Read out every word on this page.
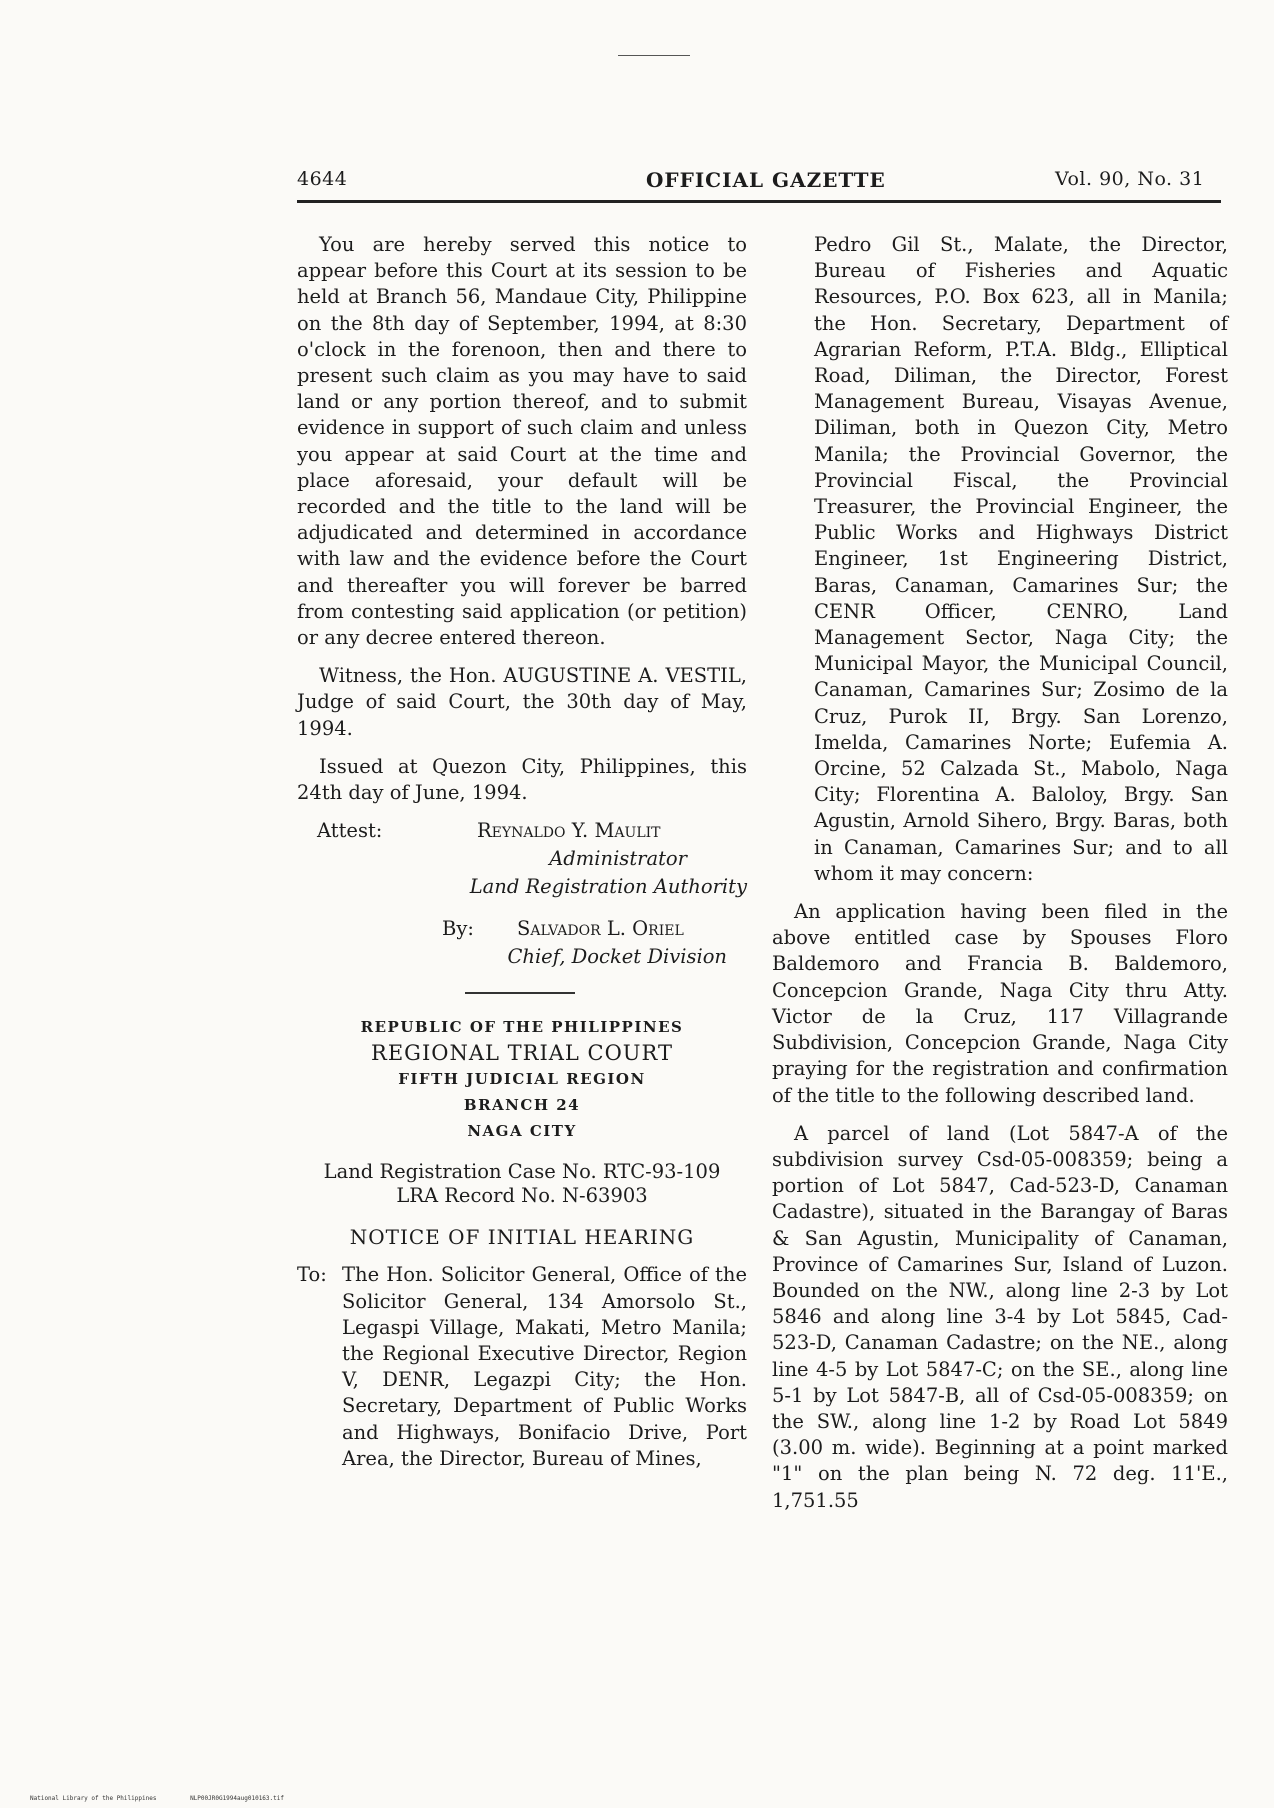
4644	OFFICIAL GAZETTE	Vol. 90, No. 31

You are hereby served this notice to appear before this Court at its session to be held at Branch 56, Mandaue City, Philippine on the 8th day of September, 1994, at 8:30 o'clock in the forenoon, then and there to present such claim as you may have to said land or any portion thereof, and to submit evidence in support of such claim and unless you appear at said Court at the time and place aforesaid, your default will be recorded and the title to the land will be adjudicated and determined in accordance with law and the evidence before the Court and thereafter you will forever be barred from contesting said application (or petition) or any decree entered thereon.

Witness, the Hon. AUGUSTINE A. VESTIL, Judge of said Court, the 30th day of May, 1994.

Issued at Quezon City, Philippines, this 24th day of June, 1994.

Attest:	Reynaldo Y. Maulit
Administrator
Land Registration Authority
By: Salvador L. Oriel
Chief, Docket Division
REPUBLIC OF THE PHILIPPINES
REGIONAL TRIAL COURT
FIFTH JUDICIAL REGION
BRANCH 24
NAGA CITY
Land Registration Case No. RTC-93-109
LRA Record No. N-63903
NOTICE OF INITIAL HEARING
To: The Hon. Solicitor General, Office of the Solicitor General, 134 Amorsolo St., Legaspi Village, Makati, Metro Manila; the Regional Executive Director, Region V, DENR, Legazpi City; the Hon. Secretary, Department of Public Works and Highways, Bonifacio Drive, Port Area, the Director, Bureau of Mines,

Pedro Gil St., Malate, the Director, Bureau of Fisheries and Aquatic Resources, P.O. Box 623, all in Manila; the Hon. Secretary, Department of Agrarian Reform, P.T.A. Bldg., Elliptical Road, Diliman, the Director, Forest Management Bureau, Visayas Avenue, Diliman, both in Quezon City, Metro Manila; the Provincial Governor, the Provincial Fiscal, the Provincial Treasurer, the Provincial Engineer, the Public Works and Highways District Engineer, 1st Engineering District, Baras, Canaman, Camarines Sur; the CENR Officer, CENRO, Land Management Sector, Naga City; the Municipal Mayor, the Municipal Council, Canaman, Camarines Sur; Zosimo de la Cruz, Purok II, Brgy. San Lorenzo, Imelda, Camarines Norte; Eufemia A. Orcine, 52 Calzada St., Mabolo, Naga City; Florentina A. Baloloy, Brgy. San Agustin, Arnold Sihero, Brgy. Baras, both in Canaman, Camarines Sur; and to all whom it may concern:

An application having been filed in the above entitled case by Spouses Floro Baldemoro and Francia B. Baldemoro, Concepcion Grande, Naga City thru Atty. Victor de la Cruz, 117 Villagrande Subdivision, Concepcion Grande, Naga City praying for the registration and confirmation of the title to the following described land.

A parcel of land (Lot 5847-A of the subdivision survey Csd-05-008359; being a portion of Lot 5847, Cad-523-D, Canaman Cadastre), situated in the Barangay of Baras & San Agustin, Municipality of Canaman, Province of Camarines Sur, Island of Luzon. Bounded on the NW., along line 2-3 by Lot 5846 and along line 3-4 by Lot 5845, Cad-523-D, Canaman Cadastre; on the NE., along line 4-5 by Lot 5847-C; on the SE., along line 5-1 by Lot 5847-B, all of Csd-05-008359; on the SW., along line 1-2 by Road Lot 5849 (3.00 m. wide). Beginning at a point marked "1" on the plan being N. 72 deg. 11'E., 1,751.55

National Library of the Philippines	NLP00JR0G1994aug010163.tif
